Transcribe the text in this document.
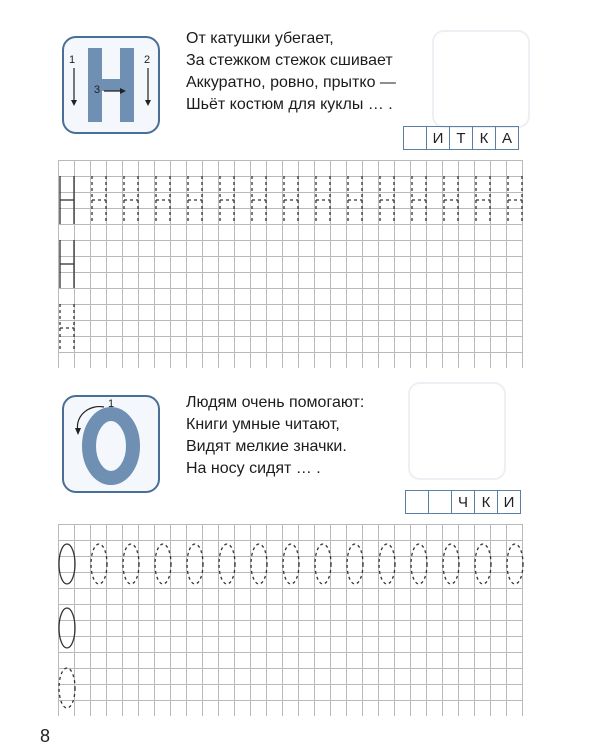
1	2
3
От катушки убегает,
За стежком стежок сшивает
Аккуратно, ровно, прытко —
Шьёт костюм для куклы … .
И Т К А
1	Людям очень помогают:
Книги умные читают,
Видят мелкие значки.
На носу сидят … .
Ч К И
8
